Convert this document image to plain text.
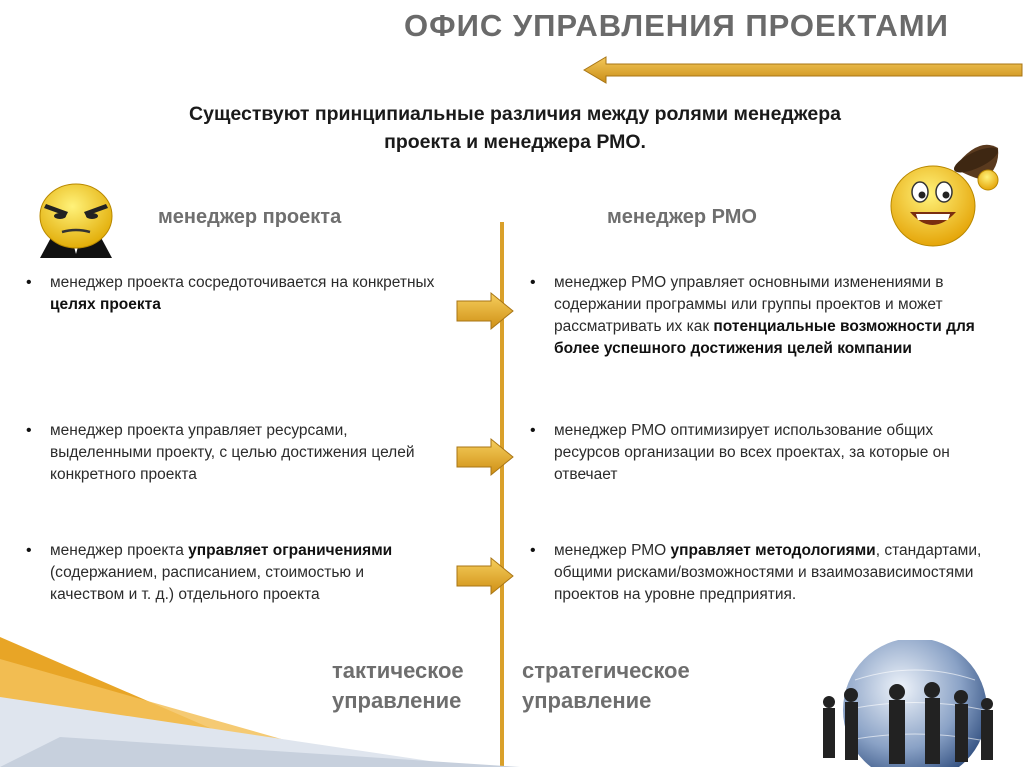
ОФИС УПРАВЛЕНИЯ ПРОЕКТАМИ
Существуют принципиальные различия между ролями менеджера
проекта и менеджера РМО.
менеджер проекта	менеджер РМО
• менеджер проекта сосредоточивается на конкретных целях проекта
• менеджер проекта управляет ресурсами, выделенными проекту, с целью достижения целей конкретного проекта
• менеджер проекта управляет ограничениями (содержанием, расписанием, стоимостью и качеством и т. д.) отдельного проекта
• менеджер РМО управляет основными изменениями в содержании программы или группы проектов и может рассматривать их как потенциальные возможности для более успешного достижения целей компании
• менеджер РМО оптимизирует использование общих ресурсов организации во всех проектах, за которые он отвечает
• менеджер РМО управляет методологиями, стандартами, общими рисками/возможностями и взаимозависимостями проектов на уровне предприятия.
тактическое
управление
стратегическое
управление
